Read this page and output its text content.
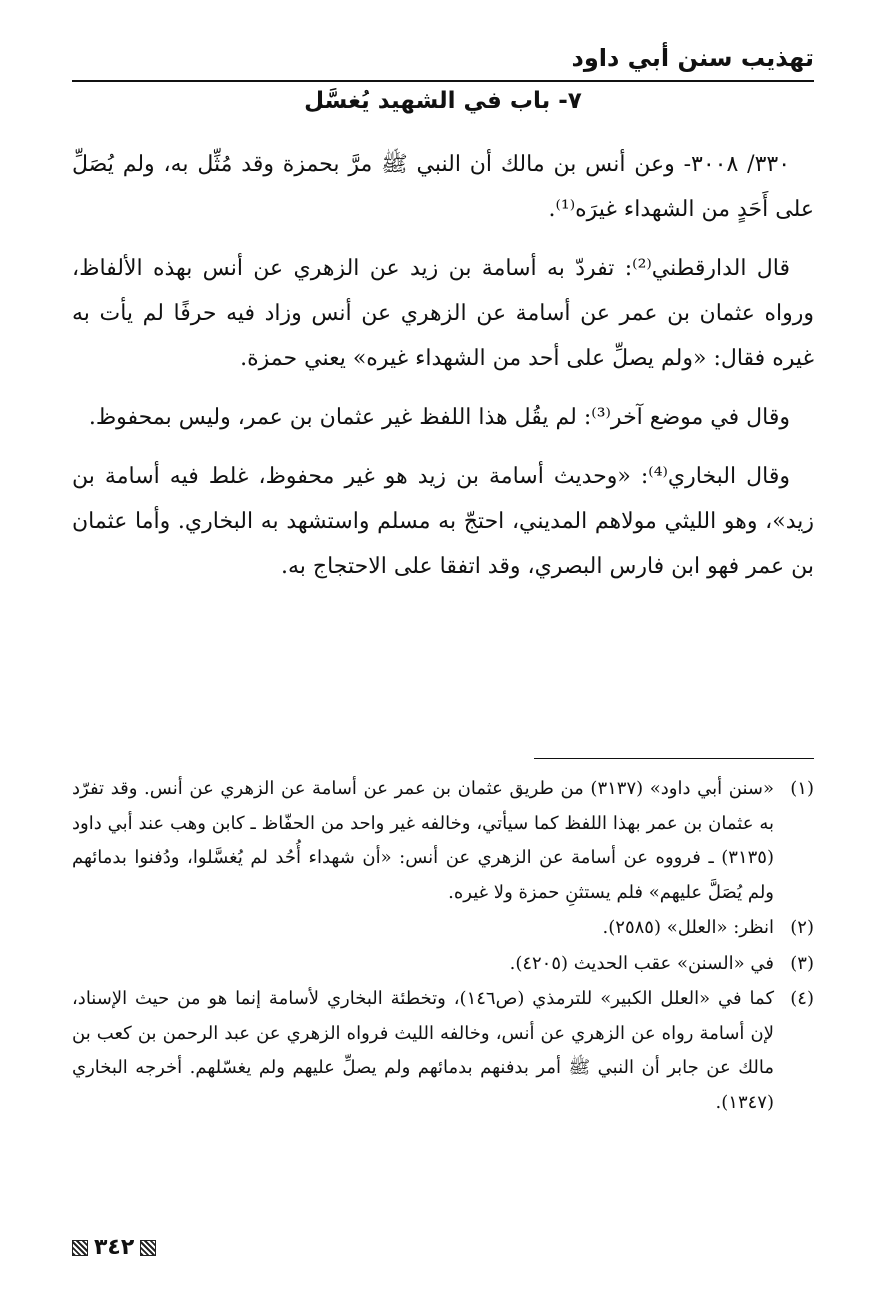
تهذيب سنن أبي داود
٧- باب في الشهيد يُغسَّل

٣٣٠/ ٣٠٠٨- وعن أنس بن مالك أن النبي ﷺ مرَّ بحمزة وقد مُثِّل به، ولم يُصَلِّ على أَحَدٍ من الشهداء غيرَه⁽¹⁾.

قال الدارقطني⁽²⁾: تفردّ به أسامة بن زيد عن الزهري عن أنس بهذه الألفاظ، ورواه عثمان بن عمر عن أسامة عن الزهري عن أنس وزاد فيه حرفًا لم يأت به غيره فقال: «ولم يصلِّ على أحد من الشهداء غيره» يعني حمزة.

وقال في موضع آخر⁽³⁾: لم يقُل هذا اللفظ غير عثمان بن عمر، وليس بمحفوظ.

وقال البخاري⁽⁴⁾: «وحديث أسامة بن زيد هو غير محفوظ، غلط فيه أسامة بن زيد»، وهو الليثي مولاهم المديني، احتجّ به مسلم واستشهد به البخاري. وأما عثمان بن عمر فهو ابن فارس البصري، وقد اتفقا على الاحتجاج به.

(١)
«سنن أبي داود» (٣١٣٧) من طريق عثمان بن عمر عن أسامة عن الزهري عن أنس. وقد تفرّد به عثمان بن عمر بهذا اللفظ كما سيأتي، وخالفه غير واحد من الحفّاظ ـ كابن وهب عند أبي داود (٣١٣٥) ـ فرووه عن أسامة عن الزهري عن أنس: «أن شهداء أُحُد لم يُغسَّلوا، ودُفنوا بدمائهم ولم يُصَلَّ عليهم» فلم يستثنِ حمزة ولا غيره.
(٢)
انظر: «العلل» (٢٥٨٥).
(٣)
في «السنن» عقب الحديث (٤٢٠٥).
(٤)
كما في «العلل الكبير» للترمذي (ص١٤٦)، وتخطئة البخاري لأسامة إنما هو من حيث الإسناد، لإن أسامة رواه عن الزهري عن أنس، وخالفه الليث فرواه الزهري عن عبد الرحمن بن كعب بن مالك عن جابر أن النبي ﷺ أمر بدفنهم بدمائهم ولم يصلِّ عليهم ولم يغسّلهم. أخرجه البخاري (١٣٤٧).
٣٤٢
